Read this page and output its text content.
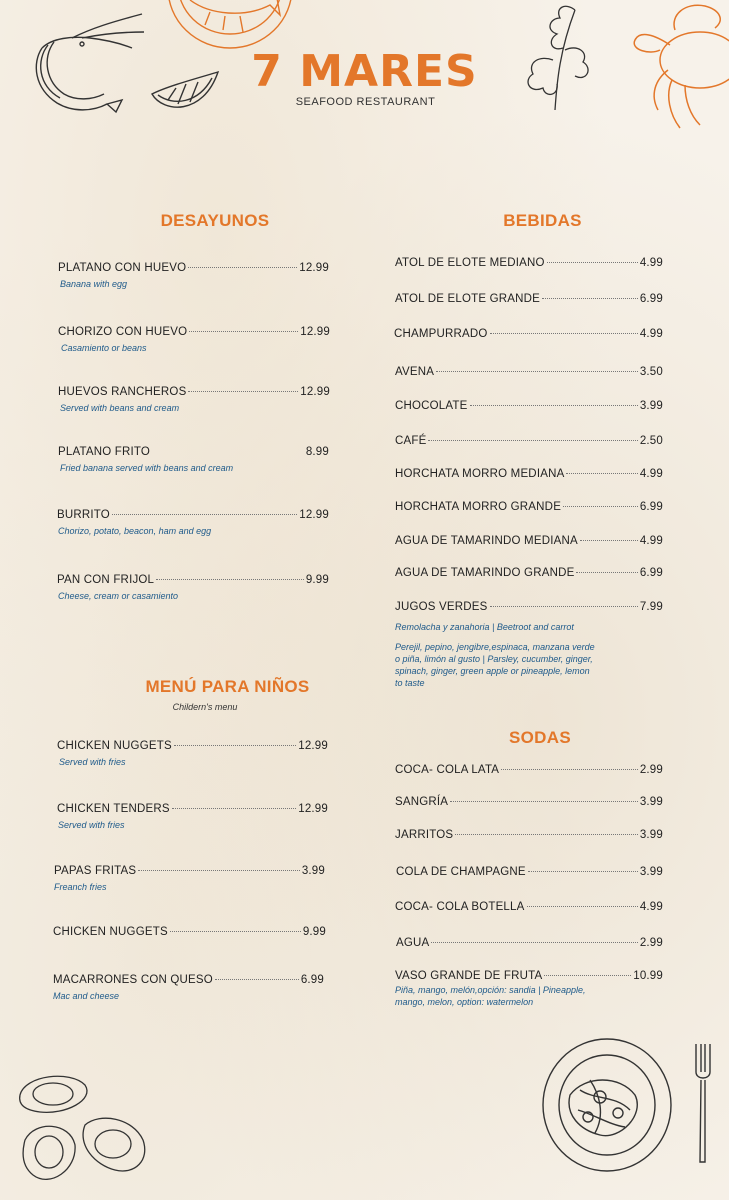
7 MARES
SEAFOOD RESTAURANT
DESAYUNOS
PLATANO CON HUEVO	12.99
Banana with egg
CHORIZO CON HUEVO	12.99
Casamiento or beans
HUEVOS RANCHEROS	12.99
Served with beans and cream
PLATANO FRITO	8.99
Fried banana served with beans and cream
BURRITO	12.99
Chorizo, potato, beacon, ham and egg
PAN CON FRIJOL	9.99
Cheese, cream or casamiento
MENÚ PARA NIÑOS
Childern's menu
CHICKEN NUGGETS	12.99
Served with fries
CHICKEN TENDERS	12.99
Served with fries
PAPAS FRITAS	3.99
Freanch fries
CHICKEN NUGGETS	9.99
MACARRONES CON QUESO	6.99
Mac and cheese
BEBIDAS
ATOL DE ELOTE MEDIANO	4.99
ATOL DE ELOTE GRANDE	6.99
CHAMPURRADO	4.99
AVENA	3.50
CHOCOLATE	3.99
CAFÉ	2.50
HORCHATA MORRO MEDIANA	4.99
HORCHATA MORRO GRANDE	6.99
AGUA DE TAMARINDO MEDIANA	4.99
AGUA DE TAMARINDO GRANDE	6.99
JUGOS VERDES	7.99
Remolacha y zanahoria | Beetroot and carrot
Perejil, pepino, jengibre,espinaca, manzana verde o piña, limón al gusto | Parsley, cucumber, ginger, spinach, ginger, green apple or pineapple, lemon to taste
SODAS
COCA- COLA LATA	2.99
SANGRÍA	3.99
JARRITOS	3.99
COLA DE CHAMPAGNE	3.99
COCA- COLA BOTELLA	4.99
AGUA	2.99
VASO GRANDE DE FRUTA	10.99
Piña, mango, melón,opción: sandia | Pineapple, mango, melon, option: watermelon
